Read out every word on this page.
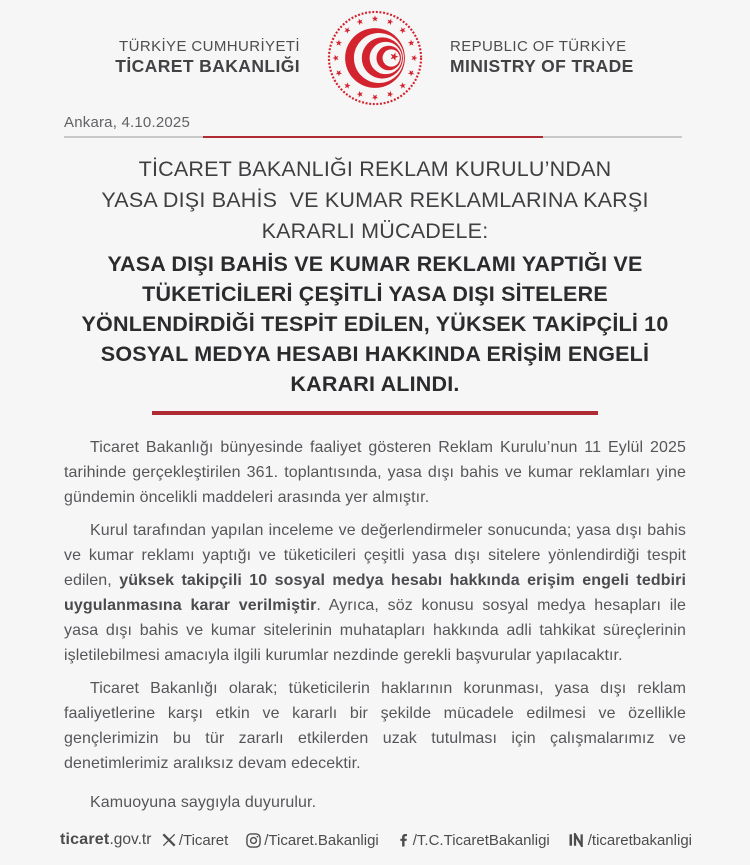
TÜRKİYE CUMHURİYETİ
TİCARET BAKANLIĞI
REPUBLIC OF TÜRKİYE
MINISTRY OF TRADE
Ankara, 4.10.2025
TİCARET BAKANLIĞI REKLAM KURULU’NDAN
YASA DIŞI BAHİS  VE KUMAR REKLAMLARINA KARŞI
KARARLI MÜCADELE:
YASA DIŞI BAHİS VE KUMAR REKLAMI YAPTIĞI VE
TÜKETİCİLERİ ÇEŞİTLİ YASA DIŞI SİTELERE
YÖNLENDİRDİĞİ TESPİT EDİLEN, YÜKSEK TAKİPÇİLİ 10
SOSYAL MEDYA HESABI HAKKINDA ERİŞİM ENGELİ
KARARI ALINDI.

Ticaret Bakanlığı bünyesinde faaliyet gösteren Reklam Kurulu’nun 11 Eylül 2025 tarihinde gerçekleştirilen 361. toplantısında, yasa dışı bahis ve kumar reklamları yine gündemin öncelikli maddeleri arasında yer almıştır.

Kurul tarafından yapılan inceleme ve değerlendirmeler sonucunda; yasa dışı bahis ve kumar reklamı yaptığı ve tüketicileri çeşitli yasa dışı sitelere yönlendirdiği tespit edilen, yüksek takipçili 10 sosyal medya hesabı hakkında erişim engeli tedbiri uygulanmasına karar verilmiştir. Ayrıca, söz konusu sosyal medya hesapları ile yasa dışı bahis ve kumar sitelerinin muhatapları hakkında adli tahkikat süreçlerinin işletilebilmesi amacıyla ilgili kurumlar nezdinde gerekli başvurular yapılacaktır.

Ticaret Bakanlığı olarak; tüketicilerin haklarının korunması, yasa dışı reklam faaliyetlerine karşı etkin ve kararlı bir şekilde mücadele edilmesi ve özellikle gençlerimizin bu tür zararlı etkilerden uzak tutulması için çalışmalarımız ve denetimlerimiz aralıksız devam edecektir.

Kamuoyuna saygıyla duyurulur.

ticaret.gov.tr /Ticaret /Ticaret.Bakanligi /T.C.TicaretBakanligi	/ticaretbakanligi
